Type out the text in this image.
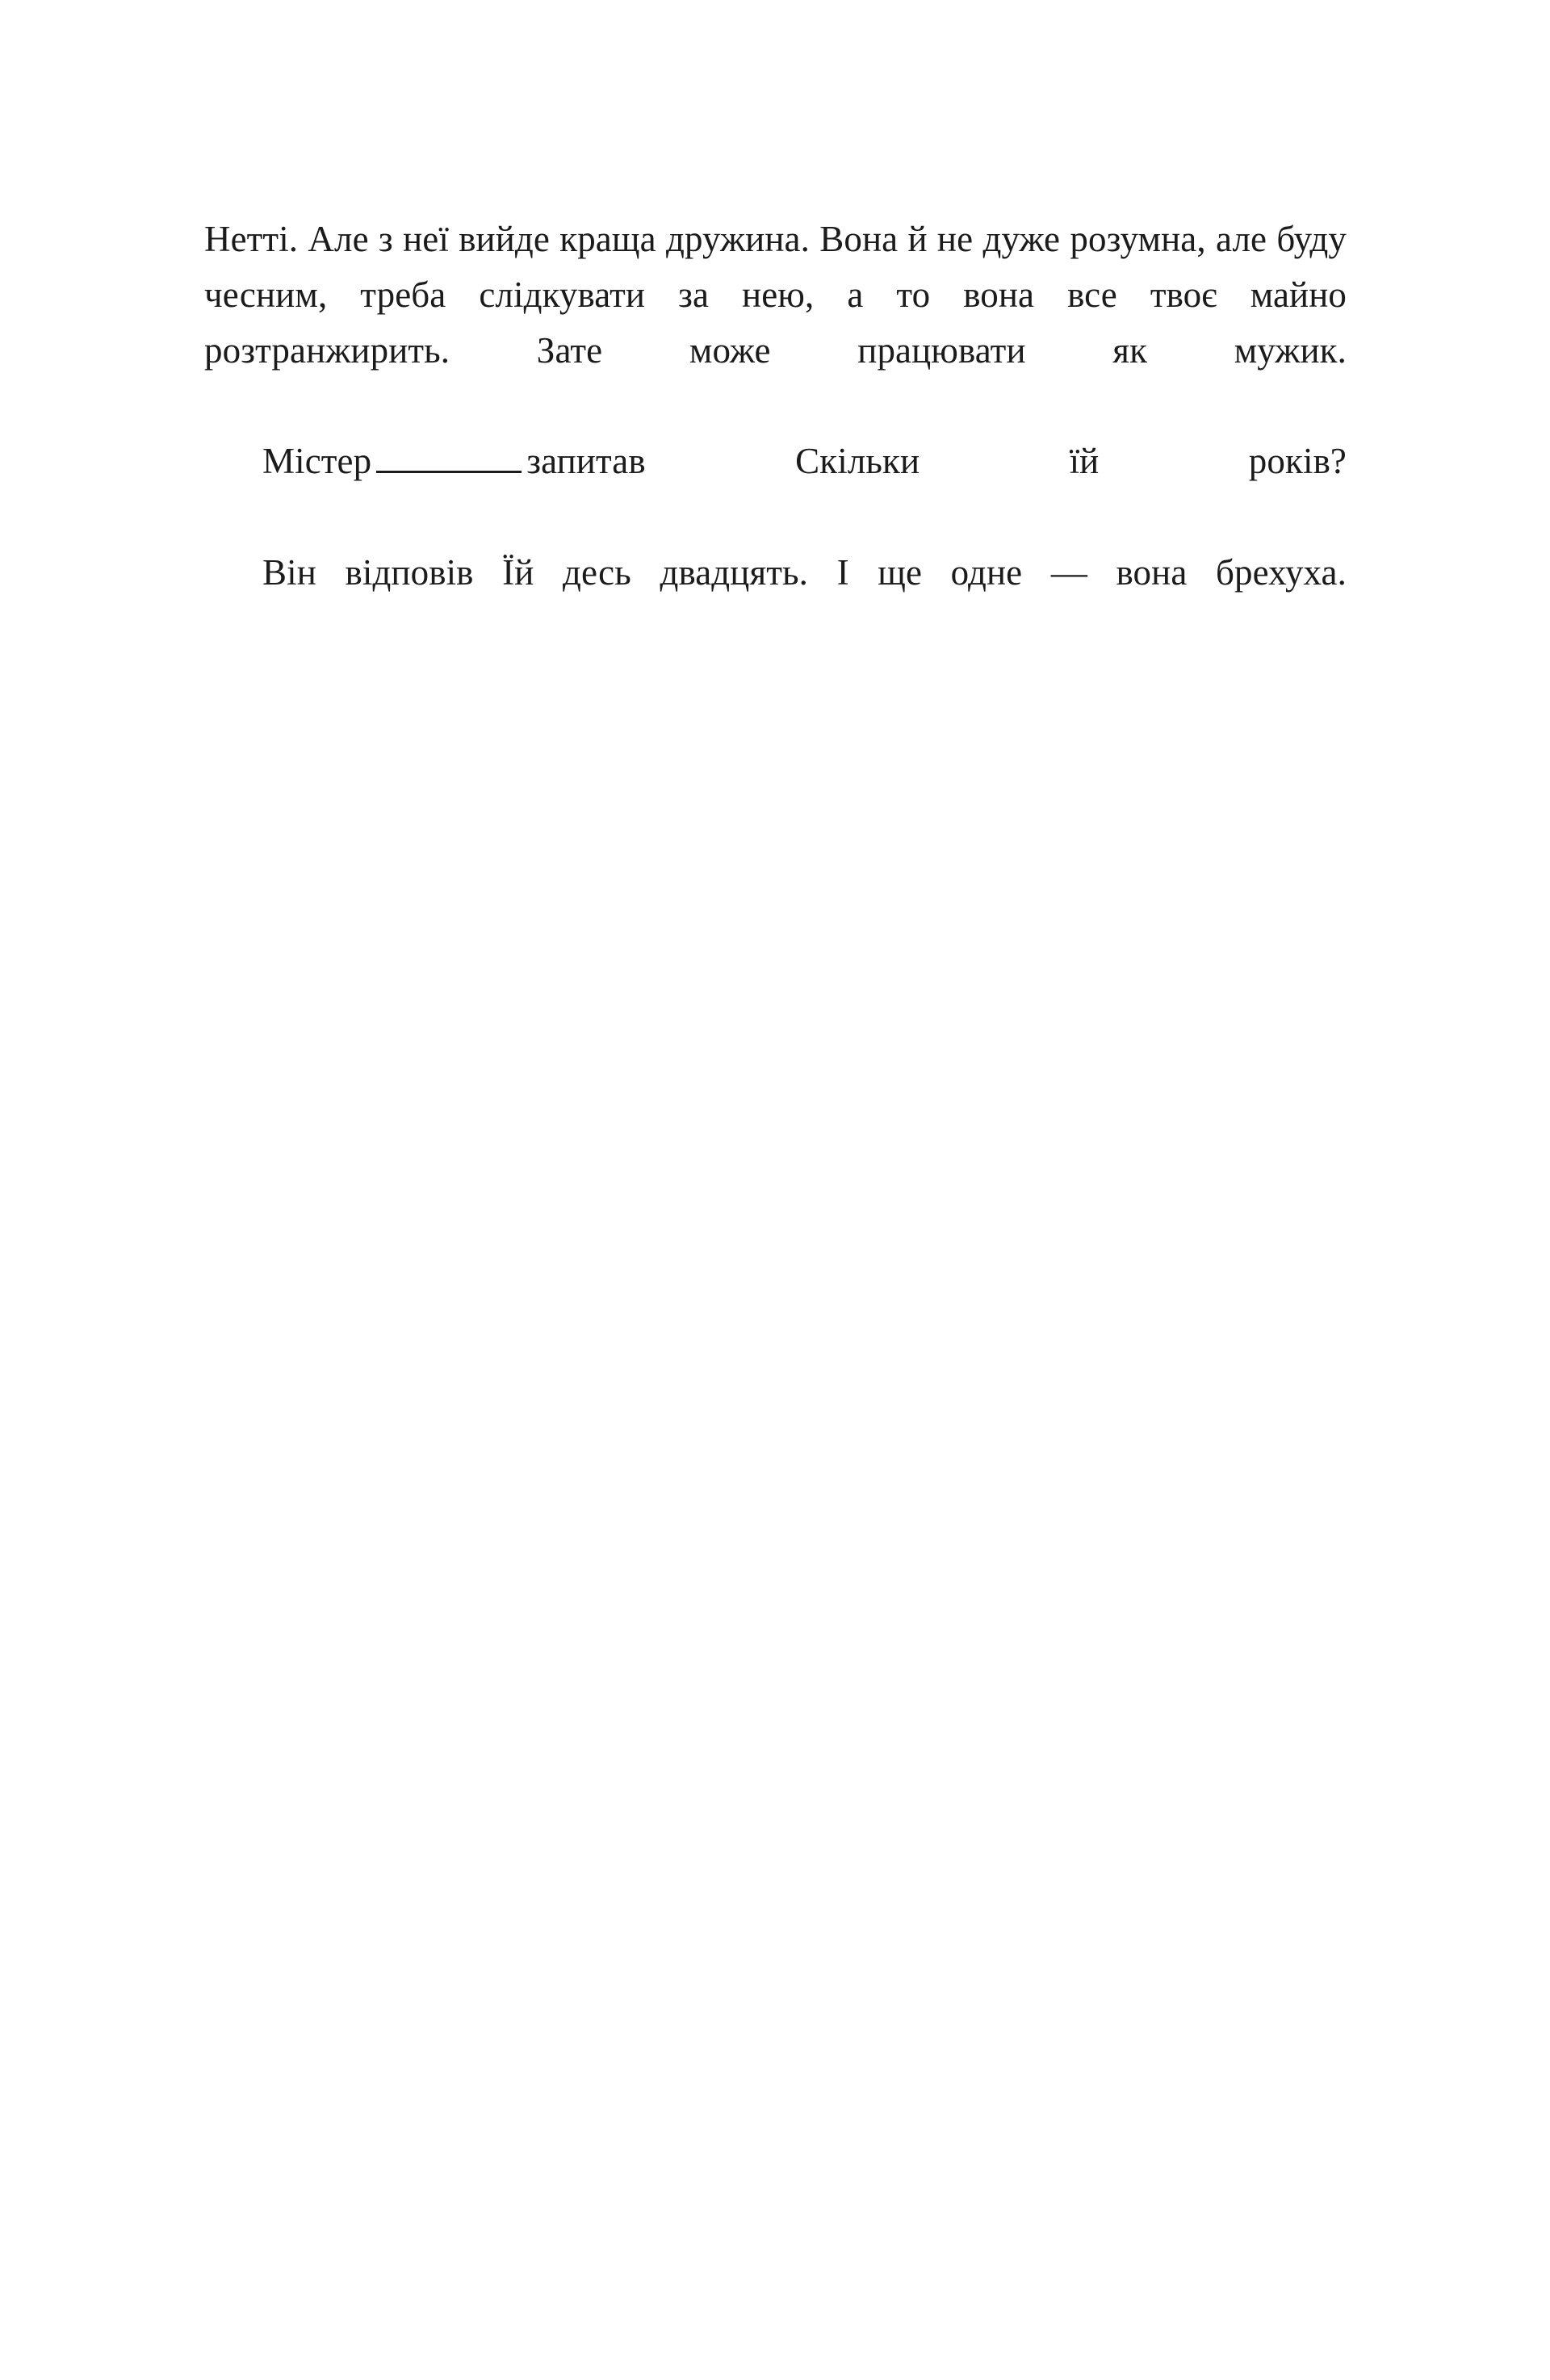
Нетті. Але з неї вийде краща дружина. Вона й не дуже розумна, але буду чесним, треба слідкувати за нею, а то вона все твоє майно розтранжирить. Зате може працювати як мужик.

Містер	запитав Скільки їй років?

Він відповів Їй десь двадцять. І ще одне — вона брехуха.
